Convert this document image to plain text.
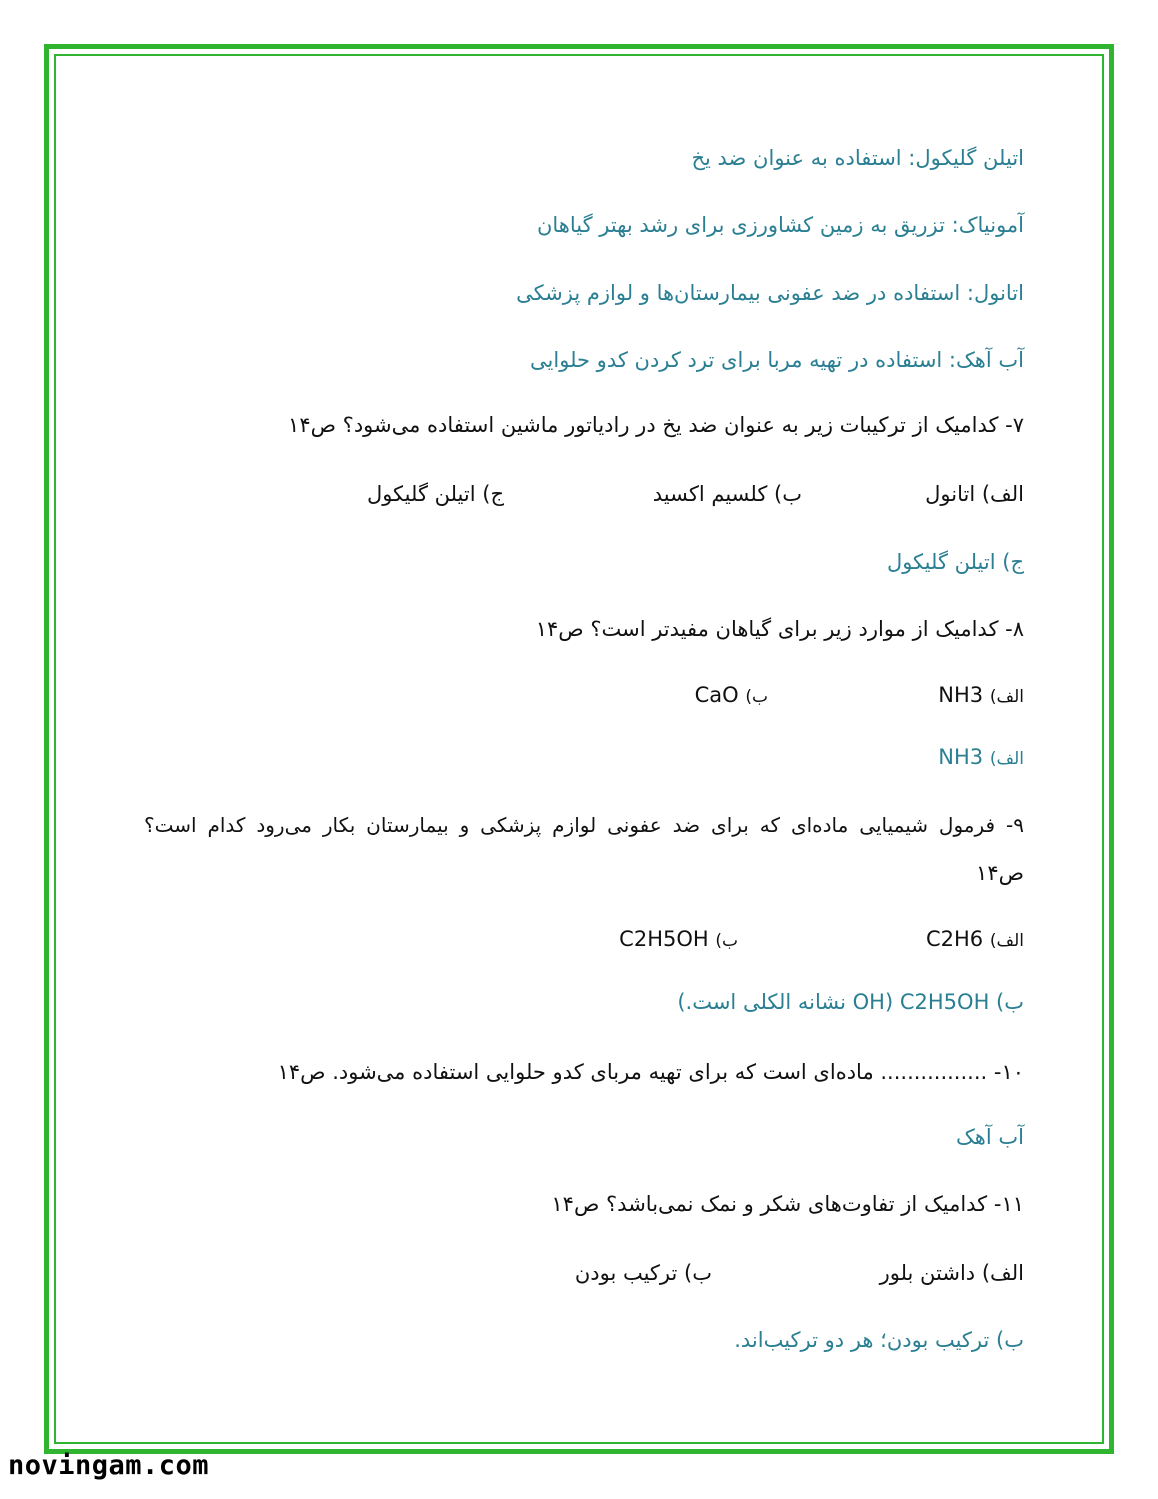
اتیلن گلیکول: استفاده به عنوان ضد یخ
آمونیاک: تزریق به زمین کشاورزی برای رشد بهتر گیاهان
اتانول: استفاده در ضد عفونی بیمارستان‌ها و لوازم پزشکی
آب آهک: استفاده در تهیه مربا برای ترد کردن کدو حلوایی
۷- کدامیک از ترکیبات زیر به عنوان ضد یخ در رادیاتور ماشین استفاده می‌شود؟ ص۱۴
الف) اتانول
ب) کلسیم اکسید
ج) اتیلن گلیکول
ج) اتیلن گلیکول
۸- کدامیک از موارد زیر برای گیاهان مفیدتر است؟ ص۱۴
الف) NH3
ب) CaO
الف) NH3
۹- فرمول شیمیایی ماده‌ای که برای ضد عفونی لوازم پزشکی و بیمارستان بکار می‌رود کدام است؟
ص۱۴
الف) C2H6
ب) C2H5OH
ب) C2H5OH (OH نشانه الکلی است.)
۱۰- ................ ماده‌ای است که برای تهیه مربای کدو حلوایی استفاده می‌شود. ص۱۴
آب آهک
۱۱- کدامیک از تفاوت‌های شکر و نمک نمی‌باشد؟ ص۱۴
الف) داشتن بلور
ب) ترکیب بودن
ب) ترکیب بودن؛ هر دو ترکیب‌اند.
novingam.com
